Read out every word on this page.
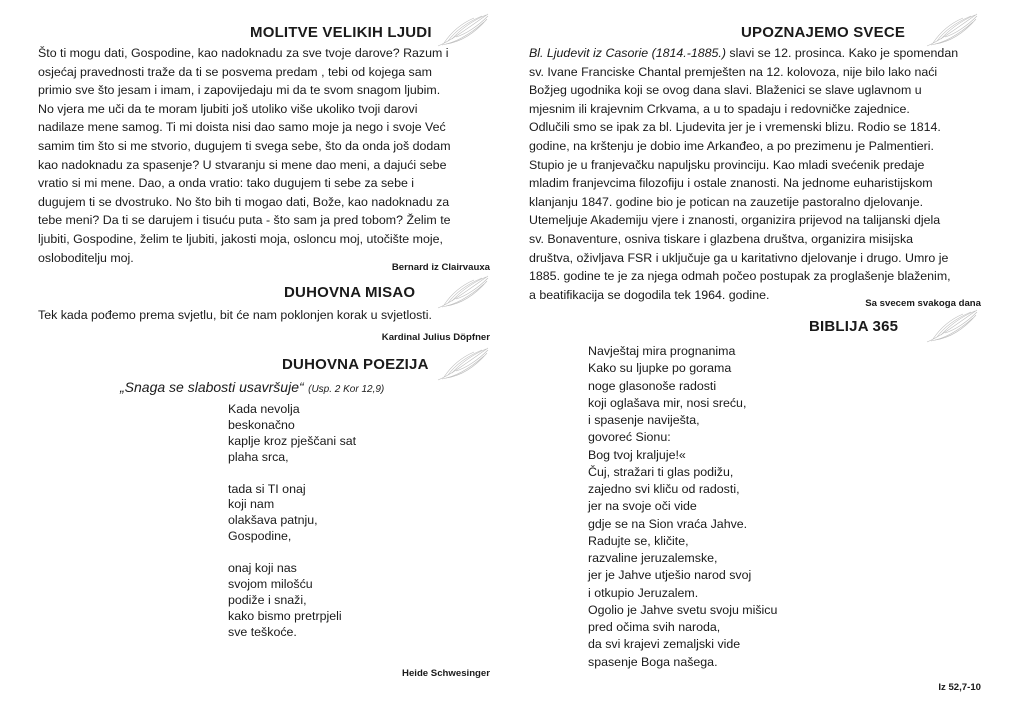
MOLITVE VELIKIH LJUDI
Što ti mogu dati, Gospodine, kao nadoknadu za sve tvoje darove? Razum i
osjećaj pravednosti traže da ti se posvema predam , tebi od kojega sam
primio sve što jesam i imam, i zapovijedaju mi da te svom snagom ljubim.
No vjera me uči da te moram ljubiti još utoliko više ukoliko tvoji darovi
nadilaze mene samog. Ti mi doista nisi dao samo moje ja nego i svoje Već
samim tim što si me stvorio, dugujem ti svega sebe, što da onda još dodam
kao nadoknadu za spasenje? U stvaranju si mene dao meni, a dajući sebe
vratio si mi mene. Dao, a onda vratio: tako dugujem ti sebe za sebe i
dugujem ti se dvostruko. No što bih ti mogao dati, Bože, kao nadoknadu za
tebe meni? Da ti se darujem i tisuću puta - što sam ja pred tobom? Želim te
ljubiti, Gospodine, želim te ljubiti, jakosti moja, osloncu moj, utočište moje,
osloboditelju moj.
Bernard iz Clairvauxa
DUHOVNA MISAO
Tek kada pođemo prema svjetlu, bit će nam poklonjen korak u svjetlosti.
Kardinal Julius Döpfner
DUHOVNA POEZIJA
„Snaga se slabosti usavršuje“ (Usp. 2 Kor 12,9)
Kada nevolja
beskonačno
kaplje kroz pješčani sat
plaha srca,
tada si TI onaj
koji nam
olakšava patnju,
Gospodine,
onaj koji nas
svojom milošću
podiže i snaži,
kako bismo pretrpjeli
sve teškoće.
Heide Schwesinger
UPOZNAJEMO SVECE
Bl. Ljudevit iz Casorie (1814.-1885.) slavi se 12. prosinca. Kako je spomendan
sv. Ivane Franciske Chantal premješten na 12. kolovoza, nije bilo lako naći
Božjeg ugodnika koji se ovog dana slavi. Blaženici se slave uglavnom u
mjesnim ili krajevnim Crkvama, a u to spadaju i redovničke zajednice.
Odlučili smo se ipak za bl. Ljudevita jer je i vremenski blizu. Rodio se 1814.
godine, na krštenju je dobio ime Arkanđeo, a po prezimenu je Palmentieri.
Stupio je u franjevačku napuljsku provinciju. Kao mladi svećenik predaje
mladim franjevcima filozofiju i ostale znanosti. Na jednome euharistijskom
klanjanju 1847. godine bio je potican na zauzetije pastoralno djelovanje.
Utemeljuje Akademiju vjere i znanosti, organizira prijevod na talijanski djela
sv. Bonaventure, osniva tiskare i glazbena društva, organizira misijska
društva, oživljava FSR i uključuje ga u karitativno djelovanje i drugo. Umro je
1885. godine te je za njega odmah počeo postupak za proglašenje blaženim,
a beatifikacija se dogodila tek 1964. godine.
Sa svecem svakoga dana
BIBLIJA 365
Navještaj mira prognanima
Kako su ljupke po gorama
noge glasonoše radosti
koji oglašava mir, nosi sreću,
i spasenje naviješta,
govoreć Sionu:
Bog tvoj kraljuje!«
Čuj, stražari ti glas podižu,
zajedno svi kliču od radosti,
jer na svoje oči vide
gdje se na Sion vraća Jahve.
Radujte se, kličite,
razvaline jeruzalemske,
jer je Jahve utješio narod svoj
i otkupio Jeruzalem.
Ogolio je Jahve svetu svoju mišicu
pred očima svih naroda,
da svi krajevi zemaljski vide
spasenje Boga našega.
Iz 52,7-10
